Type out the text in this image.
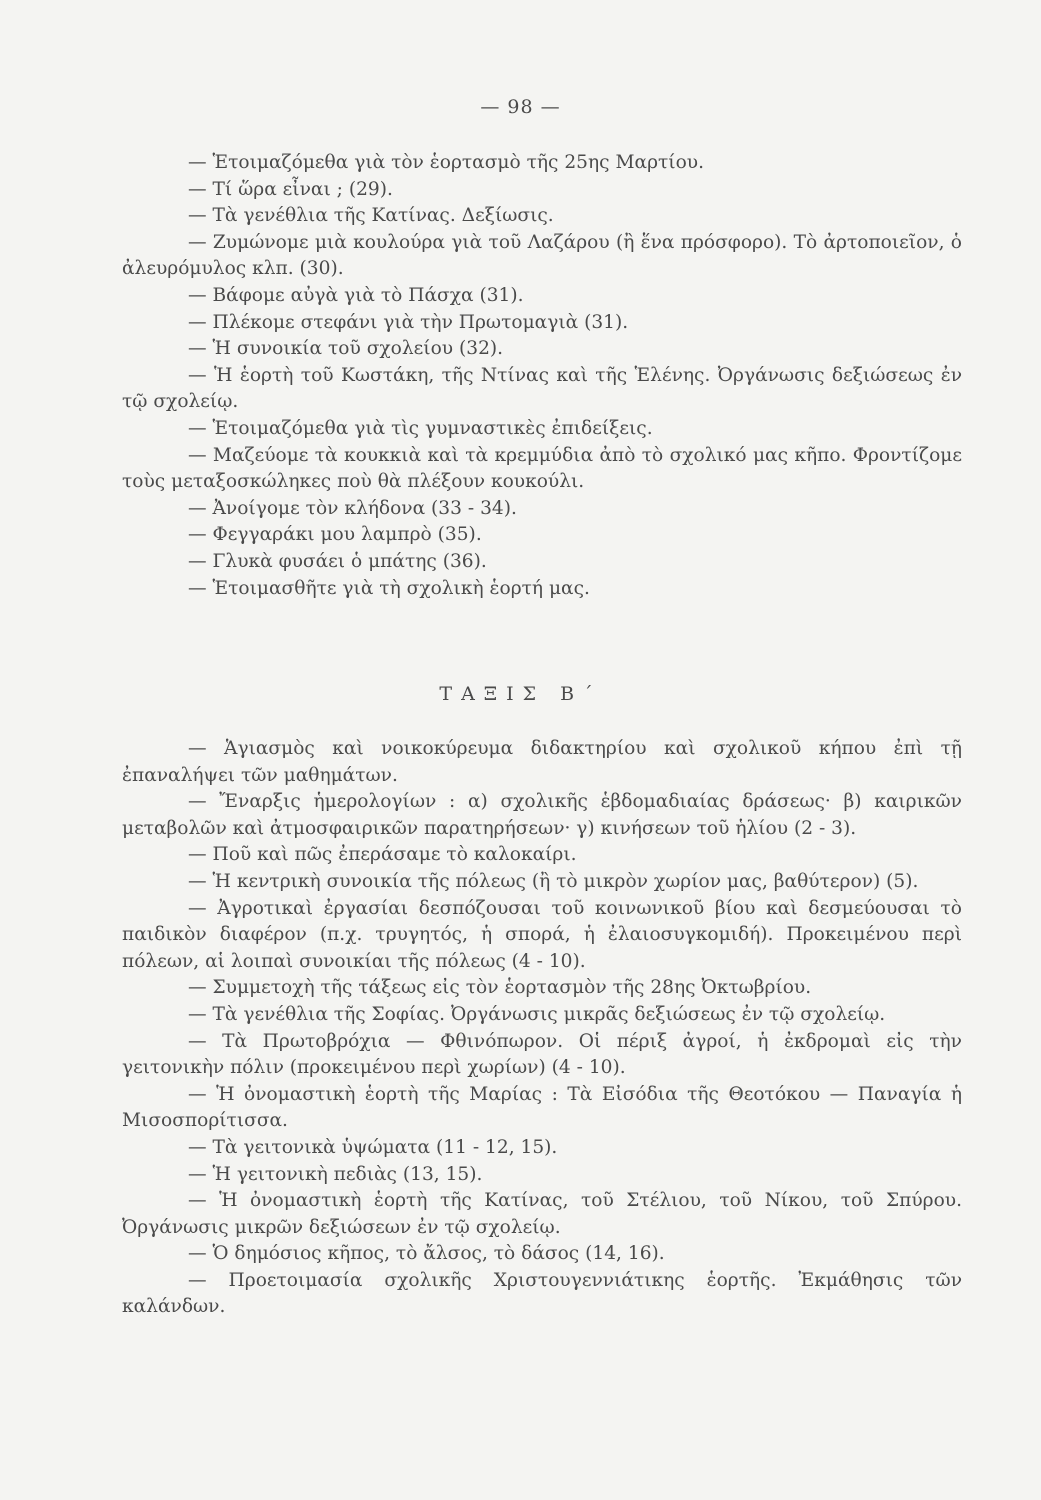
— 98 —

— Ἑτοιμαζόμεθα γιὰ τὸν ἑορτασμὸ τῆς 25ης Μαρτίου.

— Τί ὥρα εἶναι ; (29).

— Τὰ γενέθλια τῆς Κατίνας. Δεξίωσις.

— Ζυμώνομε μιὰ κουλούρα γιὰ τοῦ Λαζάρου (ἢ ἕνα πρόσφορο). Τὸ ἀρτοποιεῖον, ὁ ἀλευρόμυλος κλπ. (30).

— Βάφομε αὐγὰ γιὰ τὸ Πάσχα (31).

— Πλέκομε στεφάνι γιὰ τὴν Πρωτομαγιὰ (31).

— Ἡ συνοικία τοῦ σχολείου (32).

— Ἡ ἑορτὴ τοῦ Κωστάκη, τῆς Ντίνας καὶ τῆς Ἑλένης. Ὀργάνωσις δεξιώσεως ἐν τῷ σχολείῳ.

— Ἑτοιμαζόμεθα γιὰ τὶς γυμναστικὲς ἐπιδείξεις.

— Μαζεύομε τὰ κουκκιὰ καὶ τὰ κρεμμύδια ἀπὸ τὸ σχολικό μας κῆπο. Φροντίζομε τοὺς μεταξοσκώληκες ποὺ θὰ πλέξουν κουκούλι.

— Ἀνοίγομε τὸν κλήδονα (33 - 34).

— Φεγγαράκι μου λαμπρὸ (35).

— Γλυκὰ φυσάει ὁ μπάτης (36).

— Ἑτοιμασθῆτε γιὰ τὴ σχολικὴ ἑορτή μας.

ΤΑΞΙΣ Β΄

— Ἁγιασμὸς καὶ νοικοκύρευμα διδακτηρίου καὶ σχολικοῦ κήπου ἐπὶ τῇ ἐπαναλήψει τῶν μαθημάτων.

— Ἔναρξις ἡμερολογίων : α) σχολικῆς ἑβδομαδιαίας δράσεως· β) καιρικῶν μεταβολῶν καὶ ἀτμοσφαιρικῶν παρατηρήσεων· γ) κινήσεων τοῦ ἡλίου (2 - 3).

— Ποῦ καὶ πῶς ἐπεράσαμε τὸ καλοκαίρι.

— Ἡ κεντρικὴ συνοικία τῆς πόλεως (ἢ τὸ μικρὸν χωρίον μας, βαθύτερον) (5).

— Ἀγροτικαὶ ἐργασίαι δεσπόζουσαι τοῦ κοινωνικοῦ βίου καὶ δεσμεύουσαι τὸ παιδικὸν διαφέρον (π.χ. τρυγητός, ἡ σπορά, ἡ ἐλαιοσυγκομιδή). Προκειμένου περὶ πόλεων, αἱ λοιπαὶ συνοικίαι τῆς πόλεως (4 - 10).

— Συμμετοχὴ τῆς τάξεως εἰς τὸν ἑορτασμὸν τῆς 28ης Ὀκτωβρίου.

— Τὰ γενέθλια τῆς Σοφίας. Ὀργάνωσις μικρᾶς δεξιώσεως ἐν τῷ σχολείῳ.

— Τὰ Πρωτοβρόχια — Φθινόπωρον. Οἱ πέριξ ἀγροί, ἡ ἐκδρομαὶ εἰς τὴν γειτονικὴν πόλιν (προκειμένου περὶ χωρίων) (4 - 10).

— Ἡ ὀνομαστικὴ ἑορτὴ τῆς Μαρίας : Τὰ Εἰσόδια τῆς Θεοτόκου — Παναγία ἡ Μισοσπορίτισσα.

— Τὰ γειτονικὰ ὑψώματα (11 - 12, 15).

— Ἡ γειτονικὴ πεδιὰς (13, 15).

— Ἡ ὀνομαστικὴ ἑορτὴ τῆς Κατίνας, τοῦ Στέλιου, τοῦ Νίκου, τοῦ Σπύρου. Ὀργάνωσις μικρῶν δεξιώσεων ἐν τῷ σχολείῳ.

— Ὁ δημόσιος κῆπος, τὸ ἄλσος, τὸ δάσος (14, 16).

— Προετοιμασία σχολικῆς Χριστουγεννιάτικης ἑορτῆς. Ἐκμάθησις τῶν καλάνδων.
